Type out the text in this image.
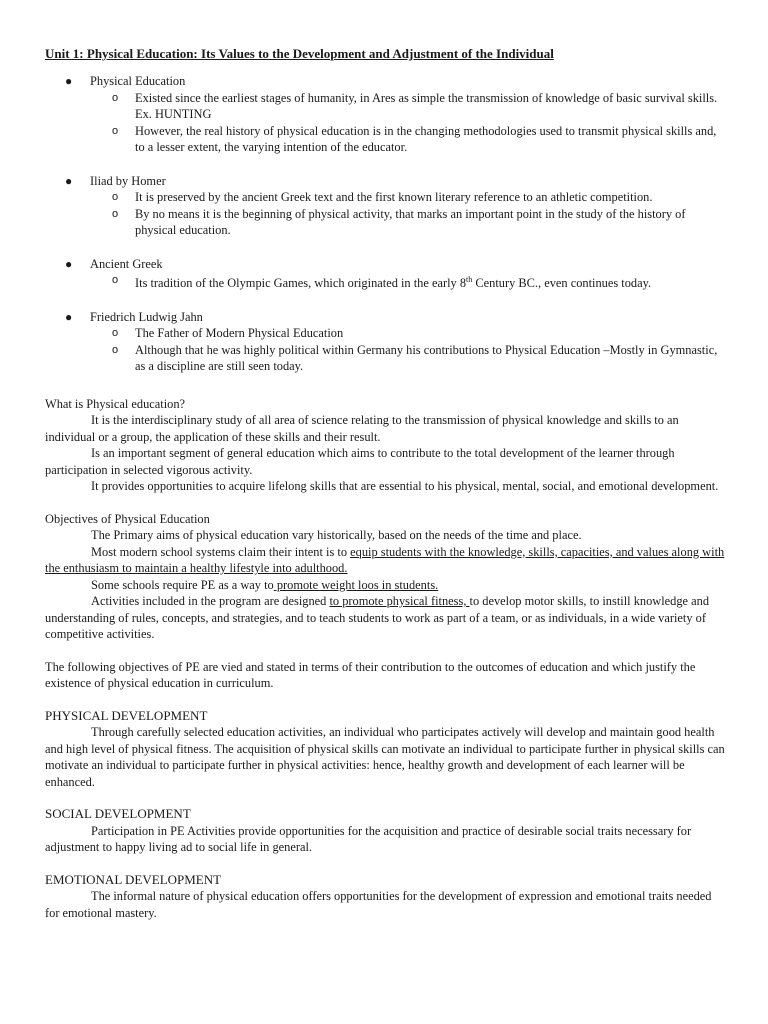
Unit 1: Physical Education: Its Values to the Development and Adjustment of the Individual
● Physical Education
o Existed since the earliest stages of humanity, in Ares as simple the transmission of knowledge of basic survival skills. Ex. HUNTING
o However, the real history of physical education is in the changing methodologies used to transmit physical skills and, to a lesser extent, the varying intention of the educator.
● Iliad by Homer
o It is preserved by the ancient Greek text and the first known literary reference to an athletic competition.
o By no means it is the beginning of physical activity, that marks an important point in the study of the history of physical education.
● Ancient Greek
o Its tradition of the Olympic Games, which originated in the early 8th Century BC., even continues today.
● Friedrich Ludwig Jahn
o The Father of Modern Physical Education
o Although that he was highly political within Germany his contributions to Physical Education –Mostly in Gymnastic, as a discipline are still seen today.

What is Physical education?

It is the interdisciplinary study of all area of science relating to the transmission of physical knowledge and skills to an individual or a group, the application of these skills and their result.

Is an important segment of general education which aims to contribute to the total development of the learner through participation in selected vigorous activity.

It provides opportunities to acquire lifelong skills that are essential to his physical, mental, social, and emotional development.

Objectives of Physical Education

The Primary aims of physical education vary historically, based on the needs of the time and place.

Most modern school systems claim their intent is to equip students with the knowledge, skills, capacities, and values along with the enthusiasm to maintain a healthy lifestyle into adulthood.

Some schools require PE as a way to promote weight loos in students.

Activities included in the program are designed to promote physical fitness, to develop motor skills, to instill knowledge and understanding of rules, concepts, and strategies, and to teach students to work as part of a team, or as individuals, in a wide variety of competitive activities.

The following objectives of PE are vied and stated in terms of their contribution to the outcomes of education and which justify the existence of physical education in curriculum.

PHYSICAL DEVELOPMENT

Through carefully selected education activities, an individual who participates actively will develop and maintain good health and high level of physical fitness. The acquisition of physical skills can motivate an individual to participate further in physical skills can motivate an individual to participate further in physical activities: hence, healthy growth and development of each learner will be enhanced.

SOCIAL DEVELOPMENT

Participation in PE Activities provide opportunities for the acquisition and practice of desirable social traits necessary for adjustment to happy living ad to social life in general.

EMOTIONAL DEVELOPMENT

The informal nature of physical education offers opportunities for the development of expression and emotional traits needed for emotional mastery.
